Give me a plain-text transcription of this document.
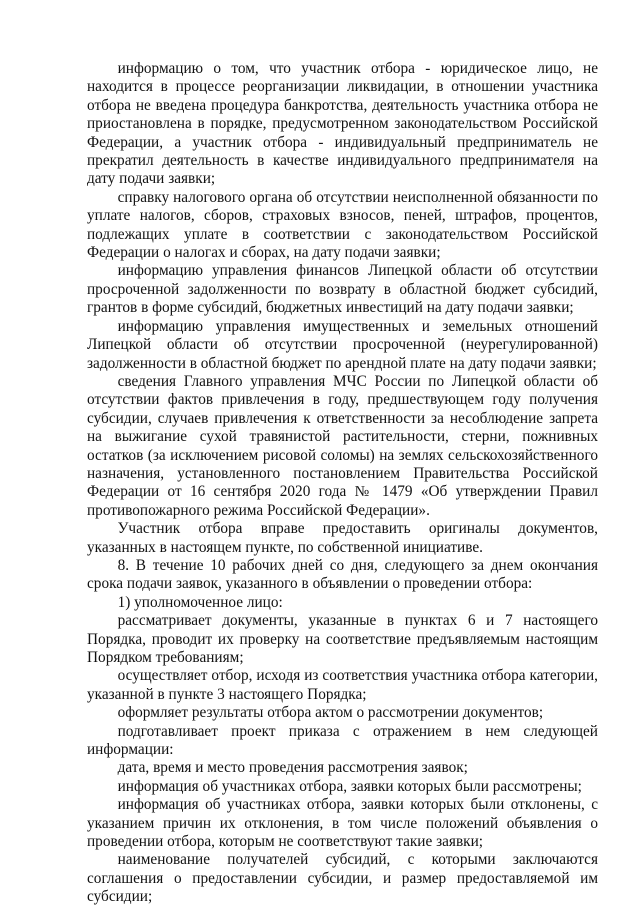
информацию о том, что участник отбора - юридическое лицо, не находится в процессе реорганизации ликвидации, в отношении участника отбора не введена процедура банкротства, деятельность участника отбора не приостановлена в порядке, предусмотренном законодательством Российской Федерации, а участник отбора - индивидуальный предприниматель не прекратил деятельность в качестве индивидуального предпринимателя на дату подачи заявки;

справку налогового органа об отсутствии неисполненной обязанности по уплате налогов, сборов, страховых взносов, пеней, штрафов, процентов, подлежащих уплате в соответствии с законодательством Российской Федерации о налогах и сборах, на дату подачи заявки;

информацию управления финансов Липецкой области об отсутствии просроченной задолженности по возврату в областной бюджет субсидий, грантов в форме субсидий, бюджетных инвестиций на дату подачи заявки;

информацию управления имущественных и земельных отношений Липецкой области об отсутствии просроченной (неурегулированной) задолженности в областной бюджет по арендной плате на дату подачи заявки;

сведения Главного управления МЧС России по Липецкой области об отсутствии фактов привлечения в году, предшествующем году получения субсидии, случаев привлечения к ответственности за несоблюдение запрета на выжигание сухой травянистой растительности, стерни, пожнивных остатков (за исключением рисовой соломы) на землях сельскохозяйственного назначения, установленного постановлением Правительства Российской Федерации от 16 сентября 2020 года № 1479 «Об утверждении Правил противопожарного режима Российской Федерации».

Участник отбора вправе предоставить оригиналы документов, указанных в настоящем пункте, по собственной инициативе.

8. В течение 10 рабочих дней со дня, следующего за днем окончания срока подачи заявок, указанного в объявлении о проведении отбора:

1) уполномоченное лицо:

рассматривает документы, указанные в пунктах 6 и 7 настоящего Порядка, проводит их проверку на соответствие предъявляемым настоящим Порядком требованиям;

осуществляет отбор, исходя из соответствия участника отбора категории, указанной в пункте 3 настоящего Порядка;

оформляет результаты отбора актом о рассмотрении документов;

подготавливает проект приказа с отражением в нем следующей информации:

дата, время и место проведения рассмотрения заявок;

информация об участниках отбора, заявки которых были рассмотрены;

информация об участниках отбора, заявки которых были отклонены, с указанием причин их отклонения, в том числе положений объявления о проведении отбора, которым не соответствуют такие заявки;

наименование получателей субсидий, с которыми заключаются соглашения о предоставлении субсидии, и размер предоставляемой им субсидии;
